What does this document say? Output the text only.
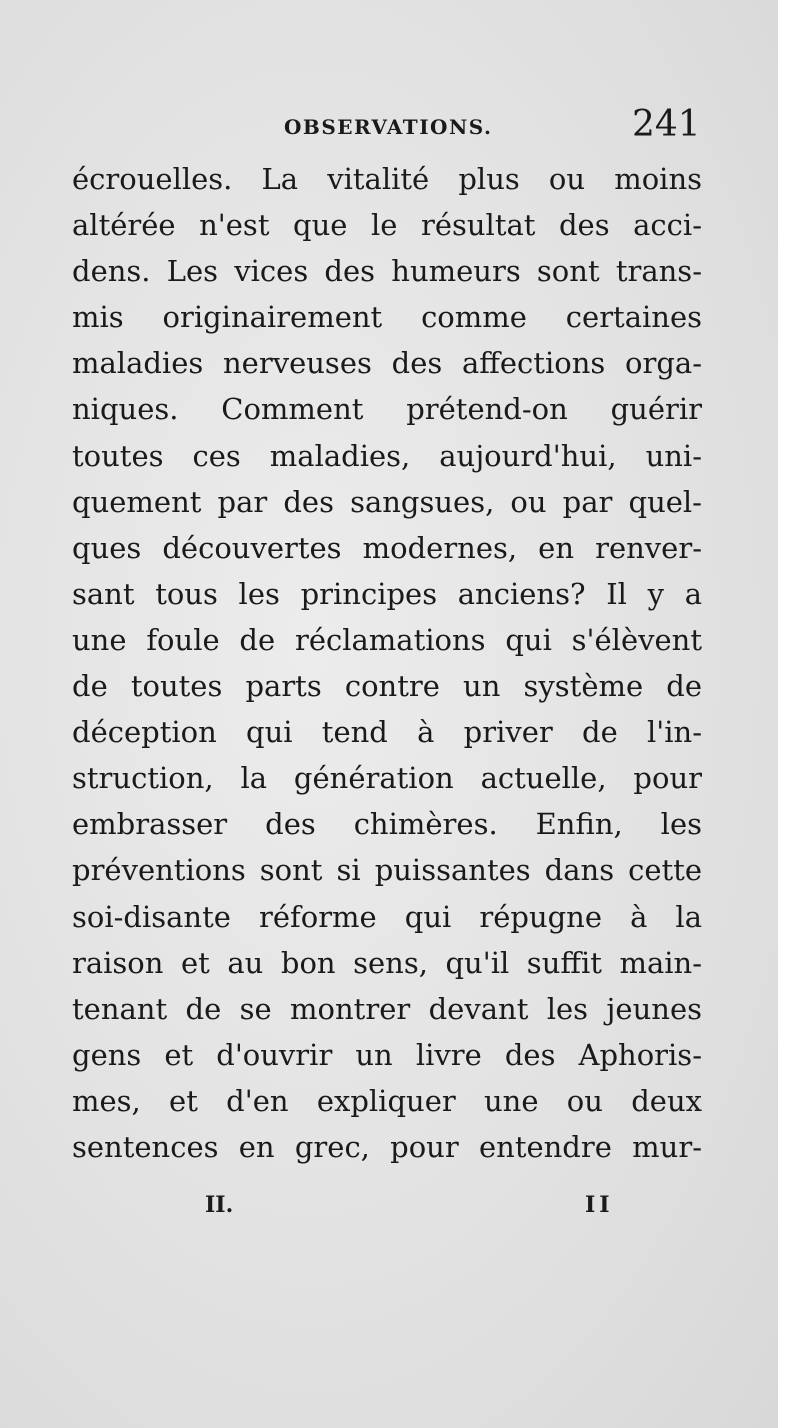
OBSERVATIONS.	241
écrouelles. La vitalité plus ou moins
altérée n'est que le résultat des acci-
dens. Les vices des humeurs sont trans-
mis originairement comme certaines
maladies nerveuses des affections orga-
niques. Comment prétend-on guérir
toutes ces maladies, aujourd'hui, uni-
quement par des sangsues, ou par quel-
ques découvertes modernes, en renver-
sant tous les principes anciens? Il y a
une foule de réclamations qui s'élèvent
de toutes parts contre un système de
déception qui tend à priver de l'in-
struction, la génération actuelle, pour
embrasser des chimères. Enfin, les
préventions sont si puissantes dans cette
soi-disante réforme qui répugne à la
raison et au bon sens, qu'il suffit main-
tenant de se montrer devant les jeunes
gens et d'ouvrir un livre des Aphoris-
mes, et d'en expliquer une ou deux
sentences en grec, pour entendre mur-
II.	II
